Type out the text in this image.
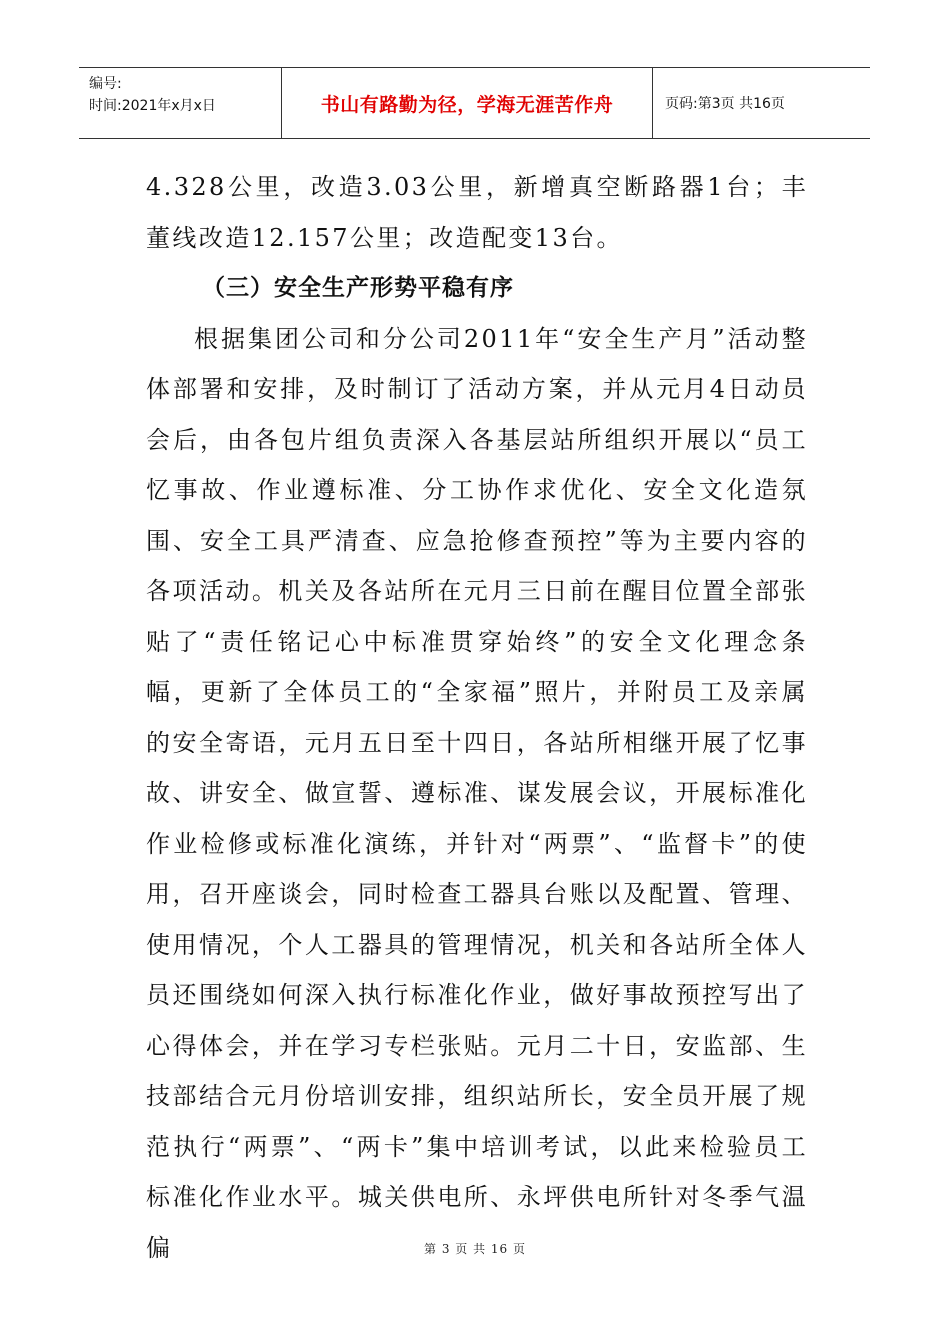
编号:
时间:2021年x月x日	书山有路勤为径，学海无涯苦作舟	页码:第3页 共16页

4.328公里，改造3.03公里，新增真空断路器1台；丰董线改造12.157公里；改造配变13台。

（三）安全生产形势平稳有序

根据集团公司和分公司2011年“安全生产月”活动整体部署和安排，及时制订了活动方案，并从元月4日动员会后，由各包片组负责深入各基层站所组织开展以“员工忆事故、作业遵标准、分工协作求优化、安全文化造氛围、安全工具严清查、应急抢修查预控”等为主要内容的各项活动。机关及各站所在元月三日前在醒目位置全部张贴了“责任铭记心中标准贯穿始终”的安全文化理念条幅，更新了全体员工的“全家福”照片，并附员工及亲属的安全寄语，元月五日至十四日，各站所相继开展了忆事故、讲安全、做宣誓、遵标准、谋发展会议，开展标准化作业检修或标准化演练，并针对“两票”、“监督卡”的使用，召开座谈会，同时检查工器具台账以及配置、管理、使用情况，个人工器具的管理情况，机关和各站所全体人员还围绕如何深入执行标准化作业，做好事故预控写出了心得体会，并在学习专栏张贴。元月二十日，安监部、生技部结合元月份培训安排，组织站所长，安全员开展了规范执行“两票”、“两卡”集中培训考试，以此来检验员工标准化作业水平。城关供电所、永坪供电所针对冬季气温偏	第 3 页 共 16 页
